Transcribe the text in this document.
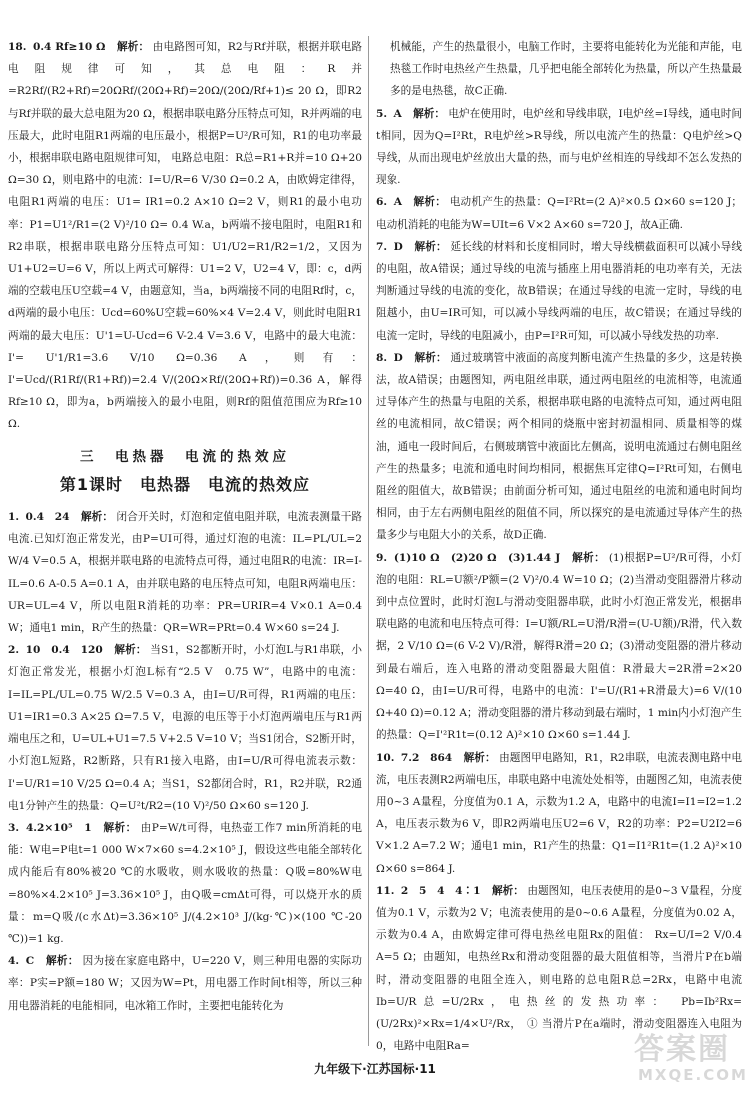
18. 0.4 Rf≥10 Ω 解析： 由电路图可知，R2与Rf并联，根据并联电路电阻规律可知，其总电阻：R并=R2Rf/(R2+Rf)=20ΩRf/(20Ω+Rf)=20Ω/(20Ω/Rf+1)≤ 20 Ω，即R2与Rf并联的最大总电阻为20 Ω，根据串联电路分压特点可知，R并两端的电压最大，此时电阻R1两端的电压最小，根据P=U²/R可知，R1的电功率最小，根据串联电路电阻规律可知， 电路总电阻：R总=R1+R并=10 Ω+20 Ω=30 Ω，则电路中的电流：I=U/R=6 V/30 Ω=0.2 A，由欧姆定律得，电阻R1两端的电压：U1= IR1=0.2 A×10 Ω=2 V，则R1的最小电功率：P1=U1²/R1=(2 V)²/10 Ω= 0.4 W.a，b两端不接电阻时，电阻R1和R2串联，根据串联电路分压特点可知：U1/U2=R1/R2=1/2，又因为U1+U2=U=6 V，所以上两式可解得：U1=2 V，U2=4 V，即：c，d两端的空载电压U空载=4 V，由题意知，当a，b两端接不同的电阻Rf时，c，d两端的最小电压：Ucd=60%U空载=60%×4 V=2.4 V，则此时电阻R1两端的最大电压：U'1=U-Ucd=6 V-2.4 V=3.6 V，电路中的最大电流：I'= U'1/R1=3.6 V/10 Ω=0.36 A，则有：I'=Ucd/(R1Rf/(R1+Rf))=2.4 V/(20Ω×Rf/(20Ω+Rf))=0.36 A，解得 Rf≥10 Ω，即为a，b两端接入的最小电阻，则Rf的阻值范围应为Rf≥10 Ω.

三　电热器　电流的热效应
第1课时　电热器　电流的热效应

1. 0.4　24 解析： 闭合开关时，灯泡和定值电阻并联，电流表测量干路电流.已知灯泡正常发光，由P=UI可得，通过灯泡的电流：IL=PL/UL=2 W/4 V=0.5 A，根据并联电路的电流特点可得，通过电阻R的电流：IR=I-IL=0.6 A-0.5 A=0.1 A，由并联电路的电压特点可知，电阻R两端电压：UR=UL=4 V，所以电阻R消耗的功率：PR=URIR=4 V×0.1 A=0.4 W；通电1 min，R产生的热量：QR=WR=PRt=0.4 W×60 s=24 J.

2. 10　0.4　120 解析： 当S1，S2都断开时，小灯泡L与R1串联，小灯泡正常发光，根据小灯泡L标有“2.5 V　0.75 W”，电路中的电流：I=IL=PL/UL=0.75 W/2.5 V=0.3 A，由I=U/R可得，R1两端的电压：U1=IR1=0.3 A×25 Ω=7.5 V，电源的电压等于小灯泡两端电压与R1两端电压之和，U=UL+U1=7.5 V+2.5 V=10 V；当S1闭合，S2断开时，小灯泡L短路，R2断路，只有R1接入电路，由I=U/R可得电流表示数：I'=U/R1=10 V/25 Ω=0.4 A；当S1，S2都闭合时，R1，R2并联，R2通电1分钟产生的热量：Q=U²t/R2=(10 V)²/50 Ω×60 s=120 J.

3. 4.2×10⁵　1 解析： 由P=W/t可得，电热壶工作7 min所消耗的电能：W电=P电t=1 000 W×7×60 s=4.2×10⁵ J，假设这些电能全部转化成内能后有80%被20 ℃的水吸收，则水吸收的热量：Q吸=80%W电=80%×4.2×10⁵ J=3.36×10⁵ J，由Q吸=cmΔt可得，可以烧开水的质量：m=Q吸/(c水Δt)=3.36×10⁵ J/(4.2×10³ J/(kg·℃)×(100 ℃-20 ℃))=1 kg.

4. C 解析： 因为接在家庭电路中，U=220 V，则三种用电器的实际功率：P实=P额=180 W；又因为W=Pt，用电器工作时间t相等，所以三种用电器消耗的电能相同，电冰箱工作时，主要把电能转化为

机械能，产生的热量很小，电脑工作时，主要将电能转化为光能和声能，电热毯工作时电热丝产生热量，几乎把电能全部转化为热量，所以产生热量最多的是电热毯，故C正确.

5. A 解析： 电炉在使用时，电炉丝和导线串联，I电炉丝=I导线，通电时间t相同，因为Q=I²Rt，R电炉丝>R导线，所以电流产生的热量：Q电炉丝>Q导线，从而出现电炉丝放出大量的热，而与电炉丝相连的导线却不怎么发热的现象.

6. A 解析： 电动机产生的热量：Q=I²Rt=(2 A)²×0.5 Ω×60 s=120 J；电动机消耗的电能为W=UIt=6 V×2 A×60 s=720 J，故A正确.

7. D 解析： 延长线的材料和长度相同时，增大导线横截面积可以减小导线的电阻，故A错误；通过导线的电流与插座上用电器消耗的电功率有关，无法判断通过导线的电流的变化，故B错误；在通过导线的电流一定时，导线的电阻越小，由U=IR可知，可以减小导线两端的电压，故C错误；在通过导线的电流一定时，导线的电阻减小，由P=I²R可知，可以减小导线发热的功率.

8. D 解析： 通过玻璃管中液面的高度判断电流产生热量的多少，这是转换法，故A错误；由题图知，两电阻丝串联，通过两电阻丝的电流相等，电流通过导体产生的热量与电阻的关系，根据串联电路的电流特点可知，通过两电阻丝的电流相同，故C错误；两个相同的烧瓶中密封初温相同、质量相等的煤油，通电一段时间后，右侧玻璃管中液面比左侧高，说明电流通过右侧电阻丝产生的热量多；电流和通电时间均相同，根据焦耳定律Q=I²Rt可知，右侧电阻丝的阻值大，故B错误；由前面分析可知，通过电阻丝的电流和通电时间均相同，由于左右两侧电阻丝的阻值不同，所以探究的是电流通过导体产生的热量多少与电阻大小的关系，故D正确.

9. (1)10 Ω　(2)20 Ω　(3)1.44 J 解析： (1)根据P=U²/R可得，小灯泡的电阻：RL=U额²/P额=(2 V)²/0.4 W=10 Ω；(2)当滑动变阻器滑片移动到中点位置时，此时灯泡L与滑动变阻器串联，此时小灯泡正常发光，根据串联电路的电流和电压特点可得：I=U额/RL=U滑/R滑=(U-U额)/R滑，代入数据，2 V/10 Ω=(6 V-2 V)/R滑，解得R滑=20 Ω；(3)滑动变阻器的滑片移动到最右端后，连入电路的滑动变阻器最大阻值：R滑最大=2R滑=2×20 Ω=40 Ω，由I=U/R可得，电路中的电流：I'=U/(R1+R滑最大)=6 V/(10 Ω+40 Ω)=0.12 A；滑动变阻器的滑片移动到最右端时，1 min内小灯泡产生的热量：Q=I'²R1t=(0.12 A)²×10 Ω×60 s=1.44 J.

10. 7.2　864 解析： 由题图甲电路知，R1，R2串联，电流表测电路中电流，电压表测R2两端电压，串联电路中电流处处相等，由题图乙知，电流表使用0~3 A量程，分度值为0.1 A，示数为1.2 A，电路中的电流I=I1=I2=1.2 A，电压表示数为6 V，即R2两端电压U2=6 V，R2的功率：P2=U2I2=6 V×1.2 A=7.2 W；通电1 min，R1产生的热量：Q1=I1²R1t=(1.2 A)²×10 Ω×60 s=864 J.

11. 2　5　4　4∶1 解析： 由题图知，电压表使用的是0~3 V量程，分度值为0.1 V，示数为2 V；电流表使用的是0~0.6 A量程，分度值为0.02 A，示数为0.4 A，由欧姆定律可得电热丝电阻Rx的阻值： Rx=U/I=2 V/0.4 A=5 Ω；由题知，电热丝Rx和滑动变阻器的最大阻值相等，当滑片P在b端时，滑动变阻器的电阻全连入，则电路的总电阻R总=2Rx，电路中电流Ib=U/R总=U/2Rx，电热丝的发热功率： Pb=Ib²Rx=(U/2Rx)²×Rx=1/4×U²/Rx，　① 当滑片P在a端时，滑动变阻器连入电阻为0，电路中电阻Ra=

九年级下·江苏国标·11
答案圈
MXQE.COM
